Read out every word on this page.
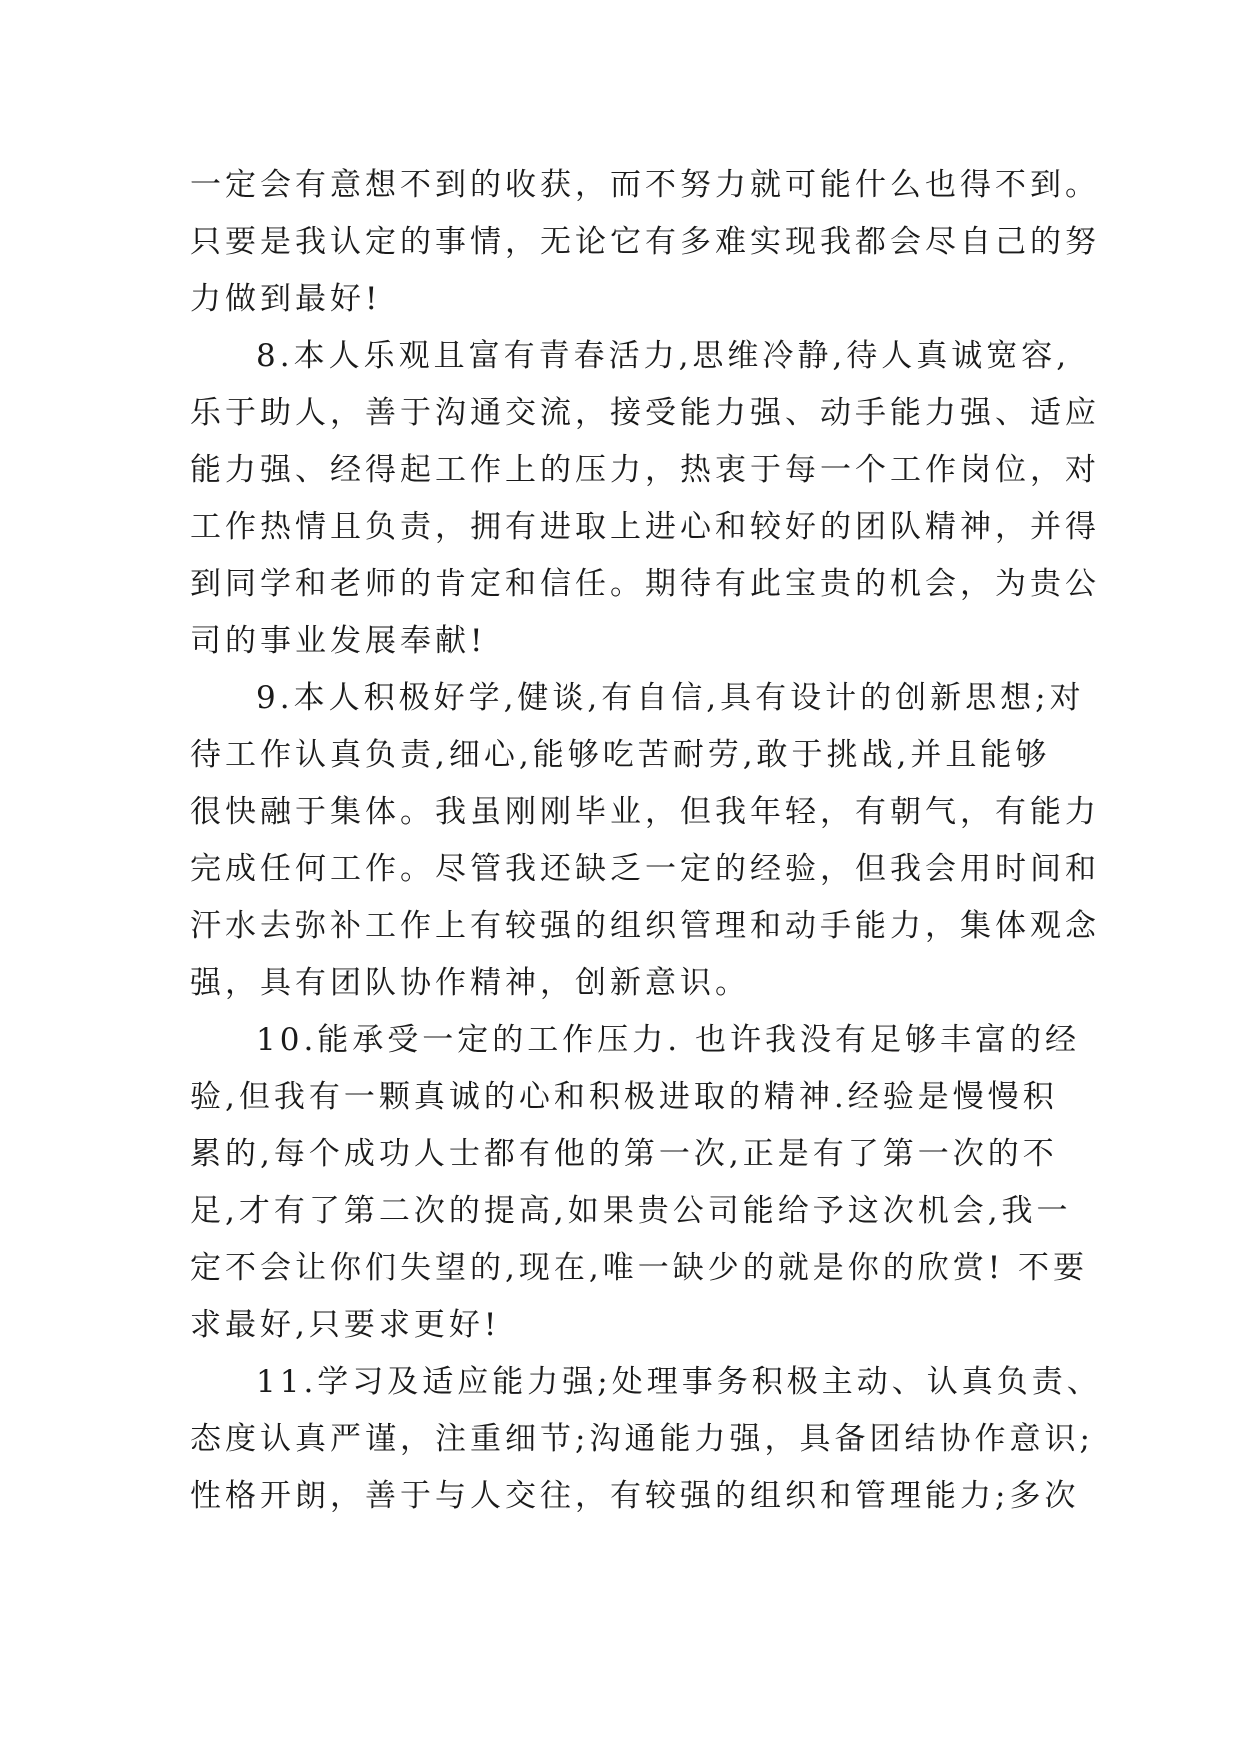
一定会有意想不到的收获，而不努力就可能什么也得不到。
只要是我认定的事情，无论它有多难实现我都会尽自己的努
力做到最好!
8.本人乐观且富有青春活力,思维冷静,待人真诚宽容,
乐于助人，善于沟通交流，接受能力强、动手能力强、适应
能力强、经得起工作上的压力，热衷于每一个工作岗位，对
工作热情且负责，拥有进取上进心和较好的团队精神，并得
到同学和老师的肯定和信任。期待有此宝贵的机会，为贵公
司的事业发展奉献!
9.本人积极好学,健谈,有自信,具有设计的创新思想;对
待工作认真负责,细心,能够吃苦耐劳,敢于挑战,并且能够
很快融于集体。我虽刚刚毕业，但我年轻，有朝气，有能力
完成任何工作。尽管我还缺乏一定的经验，但我会用时间和
汗水去弥补工作上有较强的组织管理和动手能力，集体观念
强，具有团队协作精神，创新意识。
10.能承受一定的工作压力. 也许我没有足够丰富的经
验,但我有一颗真诚的心和积极进取的精神.经验是慢慢积
累的,每个成功人士都有他的第一次,正是有了第一次的不
足,才有了第二次的提高,如果贵公司能给予这次机会,我一
定不会让你们失望的,现在,唯一缺少的就是你的欣赏! 不要
求最好,只要求更好!
11.学习及适应能力强;处理事务积极主动、认真负责、
态度认真严谨，注重细节;沟通能力强，具备团结协作意识;
性格开朗，善于与人交往，有较强的组织和管理能力;多次
